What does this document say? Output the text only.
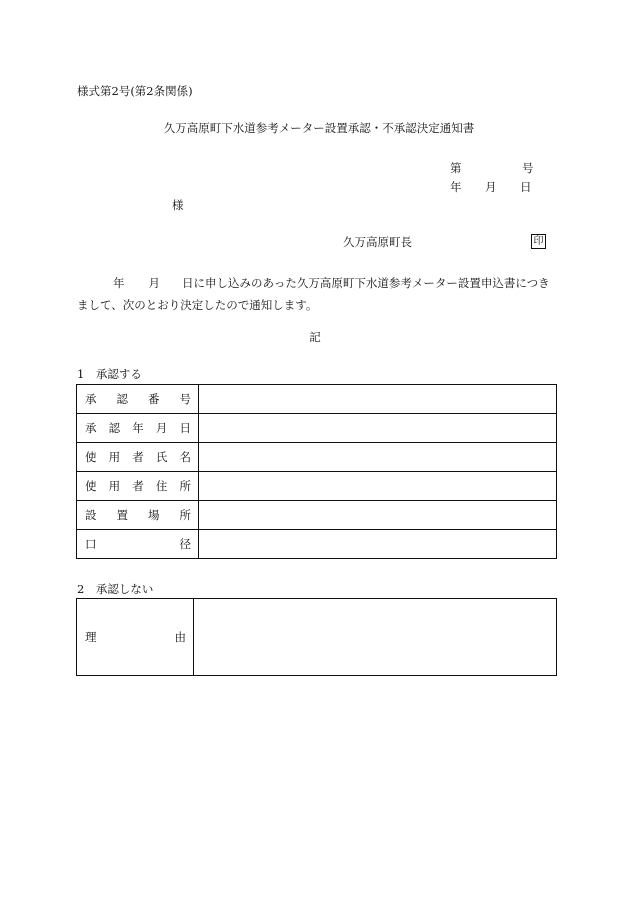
様式第2号(第2条関係)
久万高原町下水道参考メーター設置承認・不承認決定通知書
第	号
年 月 日
様
久万高原町長	印
年 月 日に申し込みのあった久万高原町下水道参考メーター設置申込書につきまして、次のとおり決定したので通知します。
記
1　承認する
承 認 番 号	

承 認 年 月 日	

使 用 者 氏 名	

使 用 者 住 所	

設 置 場 所	

口 径	

2　承認しない
理	由
